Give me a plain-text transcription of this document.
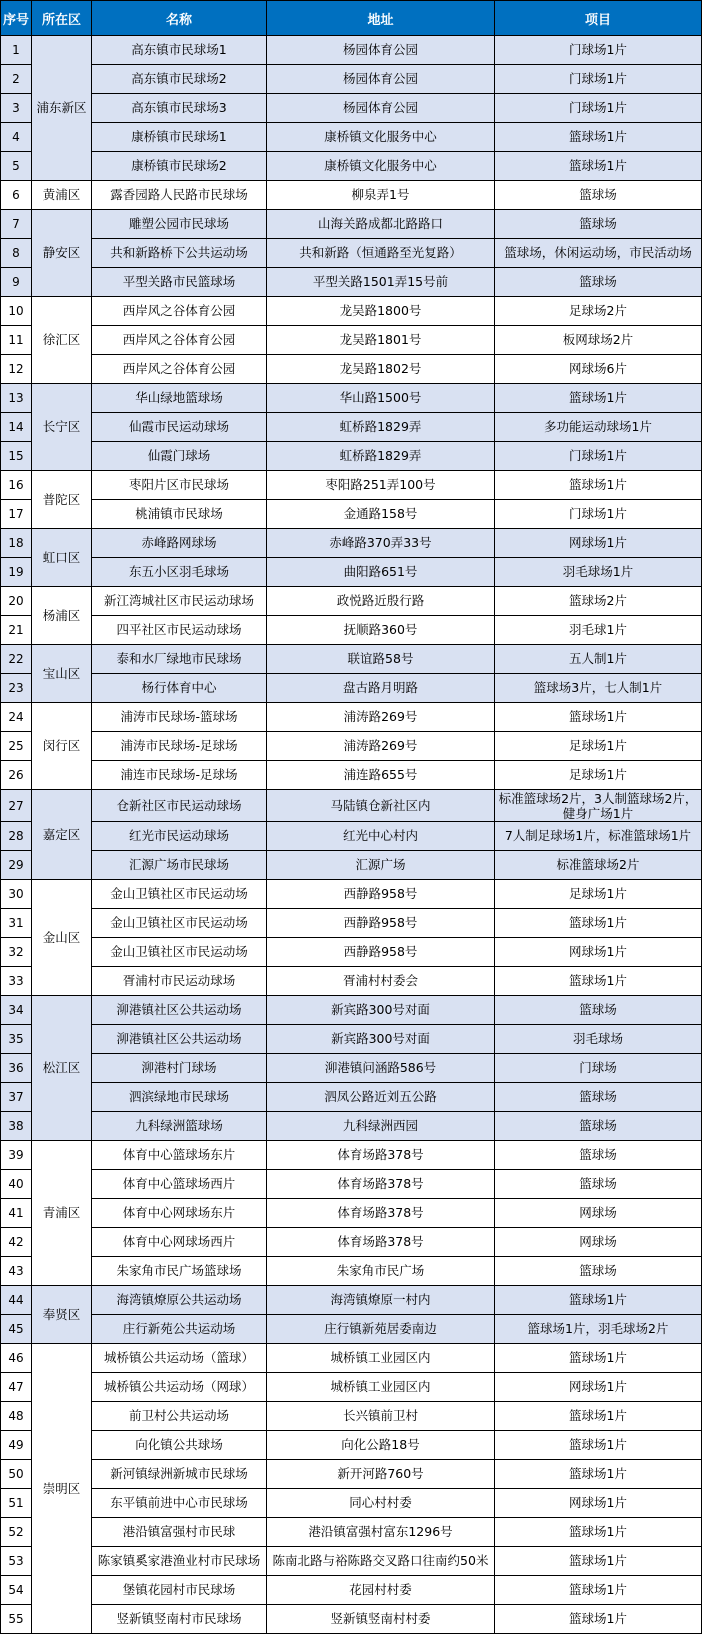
序号	所在区	名称	地址	项目
1	浦东新区	高东镇市民球场1	杨园体育公园	门球场1片
2		高东镇市民球场2	杨园体育公园	门球场1片
3		高东镇市民球场3	杨园体育公园	门球场1片
4		康桥镇市民球场1	康桥镇文化服务中心	篮球场1片
5		康桥镇市民球场2	康桥镇文化服务中心	篮球场1片
6	黄浦区	露香园路人民路市民球场	柳泉弄1号	篮球场
7	静安区	雕塑公园市民球场	山海关路成都北路路口	篮球场
8		共和新路桥下公共运动场	共和新路（恒通路至光复路）	篮球场，休闲运动场，市民活动场
9		平型关路市民篮球场	平型关路1501弄15号前	篮球场
10	徐汇区	西岸风之谷体育公园	龙吴路1800号	足球场2片
11		西岸风之谷体育公园	龙吴路1801号	板网球场2片
12		西岸风之谷体育公园	龙吴路1802号	网球场6片
13	长宁区	华山绿地篮球场	华山路1500号	篮球场1片
14		仙霞市民运动球场	虹桥路1829弄	多功能运动球场1片
15		仙霞门球场	虹桥路1829弄	门球场1片
16	普陀区	枣阳片区市民球场	枣阳路251弄100号	篮球场1片
17		桃浦镇市民球场	金通路158号	门球场1片
18	虹口区	赤峰路网球场	赤峰路370弄33号	网球场1片
19		东五小区羽毛球场	曲阳路651号	羽毛球场1片
20	杨浦区	新江湾城社区市民运动球场	政悦路近殷行路	篮球场2片
21		四平社区市民运动球场	抚顺路360号	羽毛球1片
22	宝山区	泰和水厂绿地市民球场	联谊路58号	五人制1片
23		杨行体育中心	盘古路月明路	篮球场3片，七人制1片
24	闵行区	浦涛市民球场-篮球场	浦涛路269号	篮球场1片
25		浦涛市民球场-足球场	浦涛路269号	足球场1片
26		浦连市民球场-足球场	浦连路655号	足球场1片
27	嘉定区	仓新社区市民运动球场	马陆镇仓新社区内	标准篮球场2片，3人制篮球场2片，健身广场1片
28		红光市民运动球场	红光中心村内	7人制足球场1片，标准篮球场1片
29		汇源广场市民球场	汇源广场	标准篮球场2片
30	金山区	金山卫镇社区市民运动场	西静路958号	足球场1片
31		金山卫镇社区市民运动场	西静路958号	篮球场1片
32		金山卫镇社区市民运动场	西静路958号	网球场1片
33		胥浦村市民运动球场	胥浦村村委会	篮球场1片
34	松江区	泖港镇社区公共运动场	新宾路300号对面	篮球场
35		泖港镇社区公共运动场	新宾路300号对面	羽毛球场
36		泖港村门球场	泖港镇问涵路586号	门球场
37		泗滨绿地市民球场	泗凤公路近刘五公路	篮球场
38		九科绿洲篮球场	九科绿洲西园	篮球场
39	青浦区	体育中心篮球场东片	体育场路378号	篮球场
40		体育中心篮球场西片	体育场路378号	篮球场
41		体育中心网球场东片	体育场路378号	网球场
42		体育中心网球场西片	体育场路378号	网球场
43		朱家角市民广场篮球场	朱家角市民广场	篮球场
44	奉贤区	海湾镇燎原公共运动场	海湾镇燎原一村内	篮球场1片
45		庄行新苑公共运动场	庄行镇新苑居委南边	篮球场1片，羽毛球场2片
46	崇明区	城桥镇公共运动场（篮球）	城桥镇工业园区内	篮球场1片
47		城桥镇公共运动场（网球）	城桥镇工业园区内	网球场1片
48		前卫村公共运动场	长兴镇前卫村	篮球场1片
49		向化镇公共球场	向化公路18号	篮球场1片
50		新河镇绿洲新城市民球场	新开河路760号	篮球场1片
51		东平镇前进中心市民球场	同心村村委	网球场1片
52		港沿镇富强村市民球	港沿镇富强村富东1296号	篮球场1片
53		陈家镇奚家港渔业村市民球场	陈南北路与裕陈路交叉路口往南约50米	篮球场1片
54		堡镇花园村市民球场	花园村村委	篮球场1片
55		竖新镇竖南村市民球场	竖新镇竖南村村委	篮球场1片
